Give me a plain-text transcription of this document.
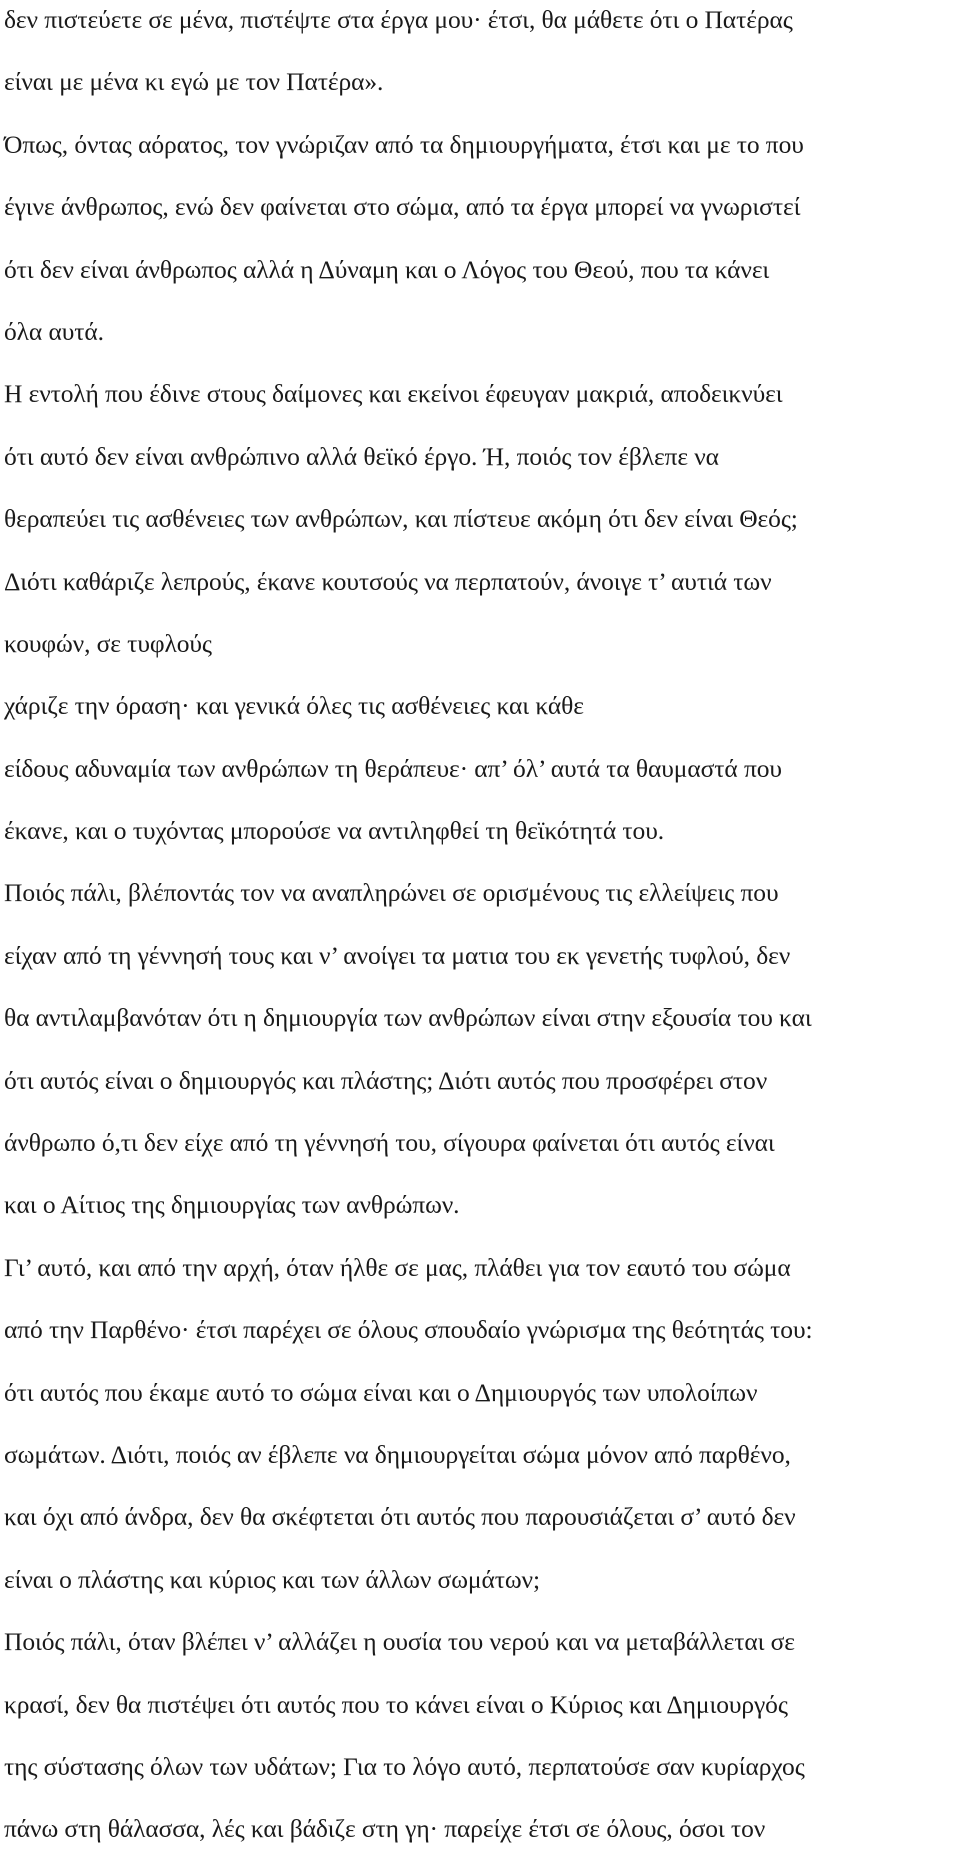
δεν πιστεύετε σε μένα, πιστέψτε στα έργα μου· έτσι, θα μάθετε ότι ο Πατέρας
είναι με μένα κι εγώ με τον Πατέρα».
Όπως, όντας αόρατος, τον γνώριζαν από τα δημιουργήματα, έτσι και με το που
έγινε άνθρωπος, ενώ δεν φαίνεται στο σώμα, από τα έργα μπορεί να γνωριστεί
ότι δεν είναι άνθρωπος αλλά η Δύναμη και ο Λόγος του Θεού, που τα κάνει
όλα αυτά.
Η εντολή που έδινε στους δαίμονες και εκείνοι έφευγαν μακριά, αποδεικνύει
ότι αυτό δεν είναι ανθρώπινο αλλά θεϊκό έργο. Ή, ποιός τον έβλεπε να
θεραπεύει τις ασθένειες των ανθρώπων, και πίστευε ακόμη ότι δεν είναι Θεός;
Διότι καθάριζε λεπρούς, έκανε κουτσούς να περπατούν, άνοιγε τ’ αυτιά των
κουφών, σε τυφλούς
χάριζε την όραση· και γενικά όλες τις ασθένειες και κάθε
είδους αδυναμία των ανθρώπων τη θεράπευε· απ’ όλ’ αυτά τα θαυμαστά που
έκανε, και ο τυχόντας μπορούσε να αντιληφθεί τη θεϊκότητά του.
Ποιός πάλι, βλέποντάς τον να αναπληρώνει σε ορισμένους τις ελλείψεις που
είχαν από τη γέννησή τους και ν’ ανοίγει τα ματια του εκ γενετής τυφλού, δεν
θα αντιλαμβανόταν ότι η δημιουργία των ανθρώπων είναι στην εξουσία του και
ότι αυτός είναι ο δημιουργός και πλάστης; Διότι αυτός που προσφέρει στον
άνθρωπο ό,τι δεν είχε από τη γέννησή του, σίγουρα φαίνεται ότι αυτός είναι
και ο Αίτιος της δημιουργίας των ανθρώπων.
Γι’ αυτό, και από την αρχή, όταν ήλθε σε μας, πλάθει για τον εαυτό του σώμα
από την Παρθένο· έτσι παρέχει σε όλους σπουδαίο γνώρισμα της θεότητάς του:
ότι αυτός που έκαμε αυτό το σώμα είναι και ο Δημιουργός των υπολοίπων
σωμάτων. Διότι, ποιός αν έβλεπε να δημιουργείται σώμα μόνον από παρθένο,
και όχι από άνδρα, δεν θα σκέφτεται ότι αυτός που παρουσιάζεται σ’ αυτό δεν
είναι ο πλάστης και κύριος και των άλλων σωμάτων;
Ποιός πάλι, όταν βλέπει ν’ αλλάζει η ουσία του νερού και να μεταβάλλεται σε
κρασί, δεν θα πιστέψει ότι αυτός που το κάνει είναι ο Κύριος και Δημιουργός
της σύστασης όλων των υδάτων; Για το λόγο αυτό, περπατούσε σαν κυρίαρχος
πάνω στη θάλασσα, λές και βάδιζε στη γη· παρείχε έτσι σε όλους, όσοι τον
